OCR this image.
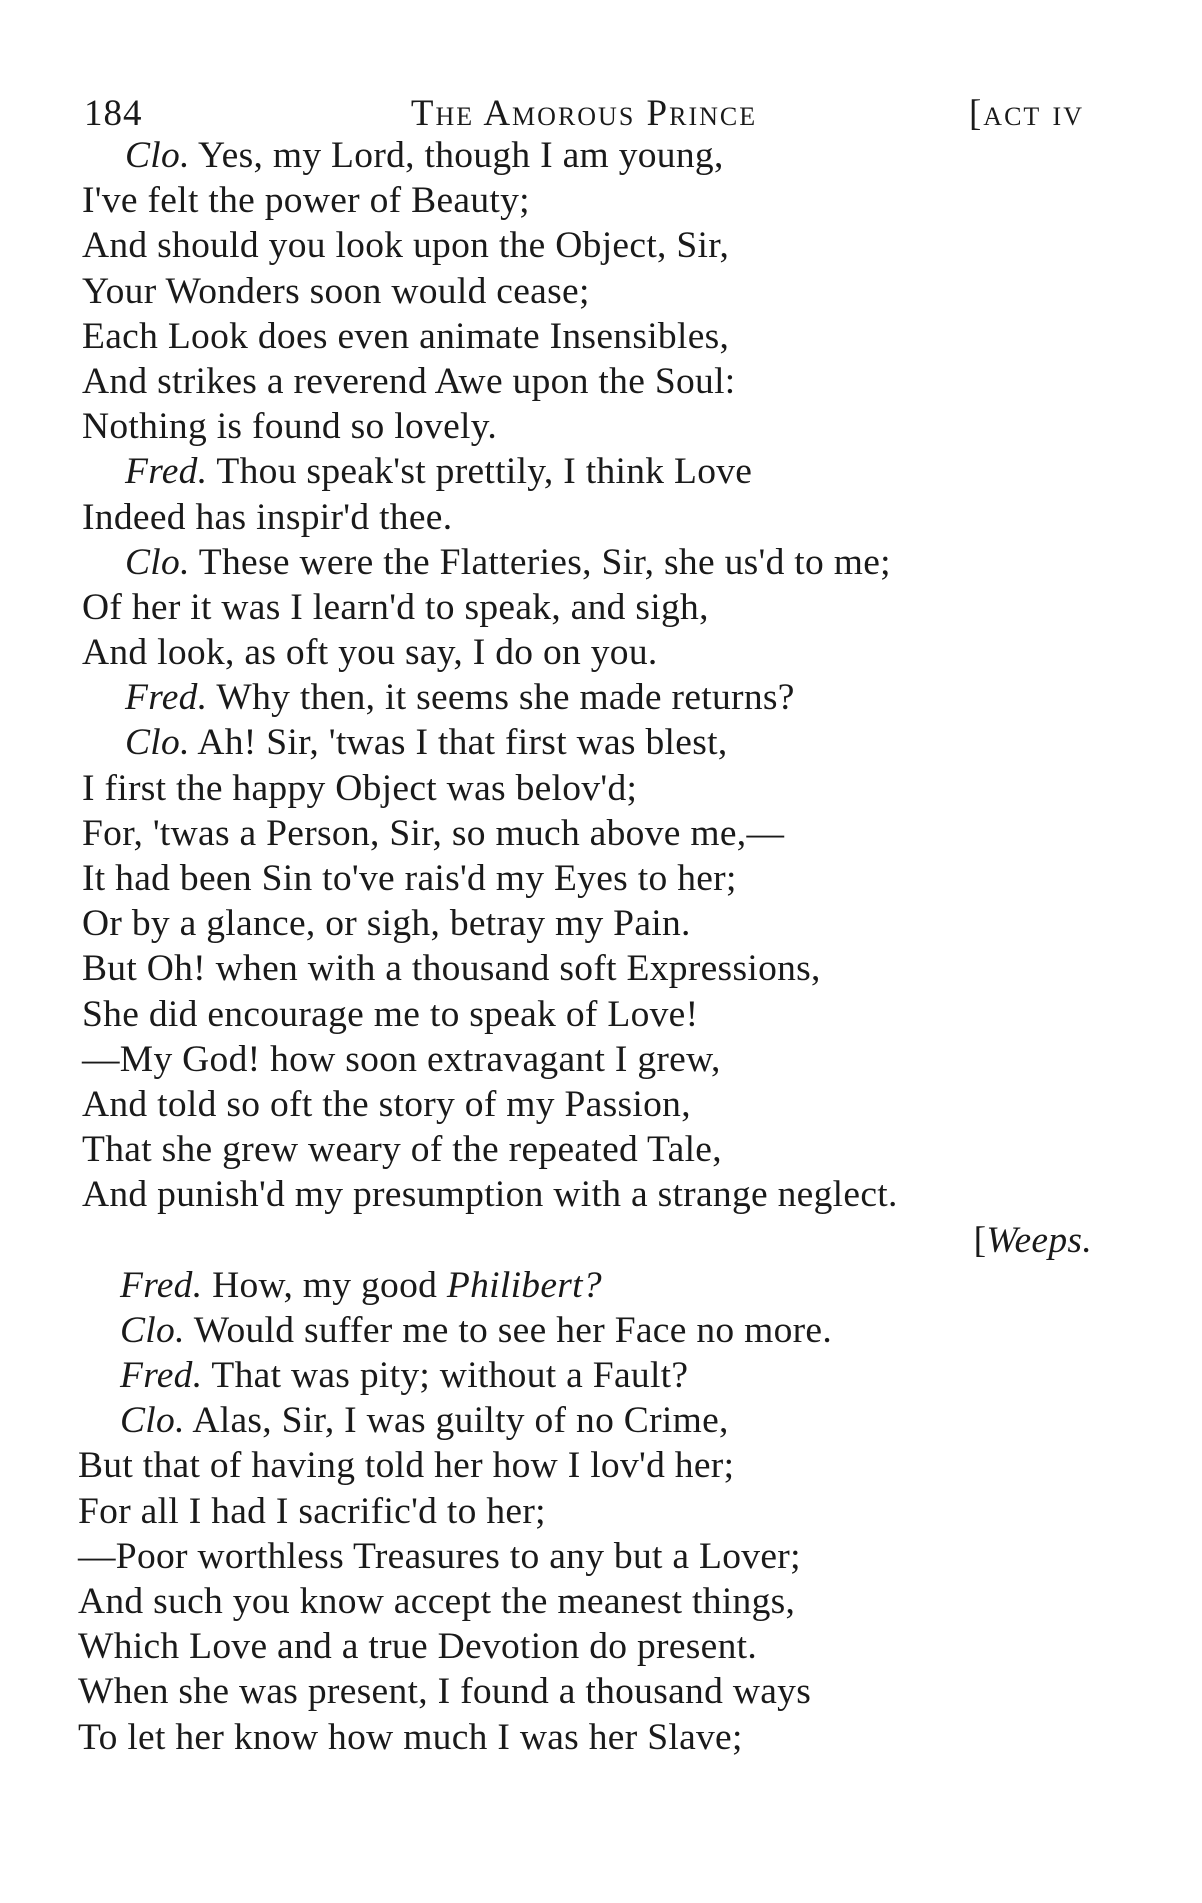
184	The Amorous Prince	[act iv
Clo. Yes, my Lord, though I am young,
I've felt the power of Beauty;
And should you look upon the Object, Sir,
Your Wonders soon would cease;
Each Look does even animate Insensibles,
And strikes a reverend Awe upon the Soul:
Nothing is found so lovely.
Fred. Thou speak'st prettily, I think Love
Indeed has inspir'd thee.
Clo. These were the Flatteries, Sir, she us'd to me;
Of her it was I learn'd to speak, and sigh,
And look, as oft you say, I do on you.
Fred. Why then, it seems she made returns?
Clo. Ah! Sir, 'twas I that first was blest,
I first the happy Object was belov'd;
For, 'twas a Person, Sir, so much above me,—
It had been Sin to've rais'd my Eyes to her;
Or by a glance, or sigh, betray my Pain.
But Oh! when with a thousand soft Expressions,
She did encourage me to speak of Love!
—My God! how soon extravagant I grew,
And told so oft the story of my Passion,
That she grew weary of the repeated Tale,
And punish'd my presumption with a strange neglect.
[Weeps.
Fred. How, my good Philibert?
Clo. Would suffer me to see her Face no more.
Fred. That was pity; without a Fault?
Clo. Alas, Sir, I was guilty of no Crime,
But that of having told her how I lov'd her;
For all I had I sacrific'd to her;
—Poor worthless Treasures to any but a Lover;
And such you know accept the meanest things,
Which Love and a true Devotion do present.
When she was present, I found a thousand ways
To let her know how much I was her Slave;
